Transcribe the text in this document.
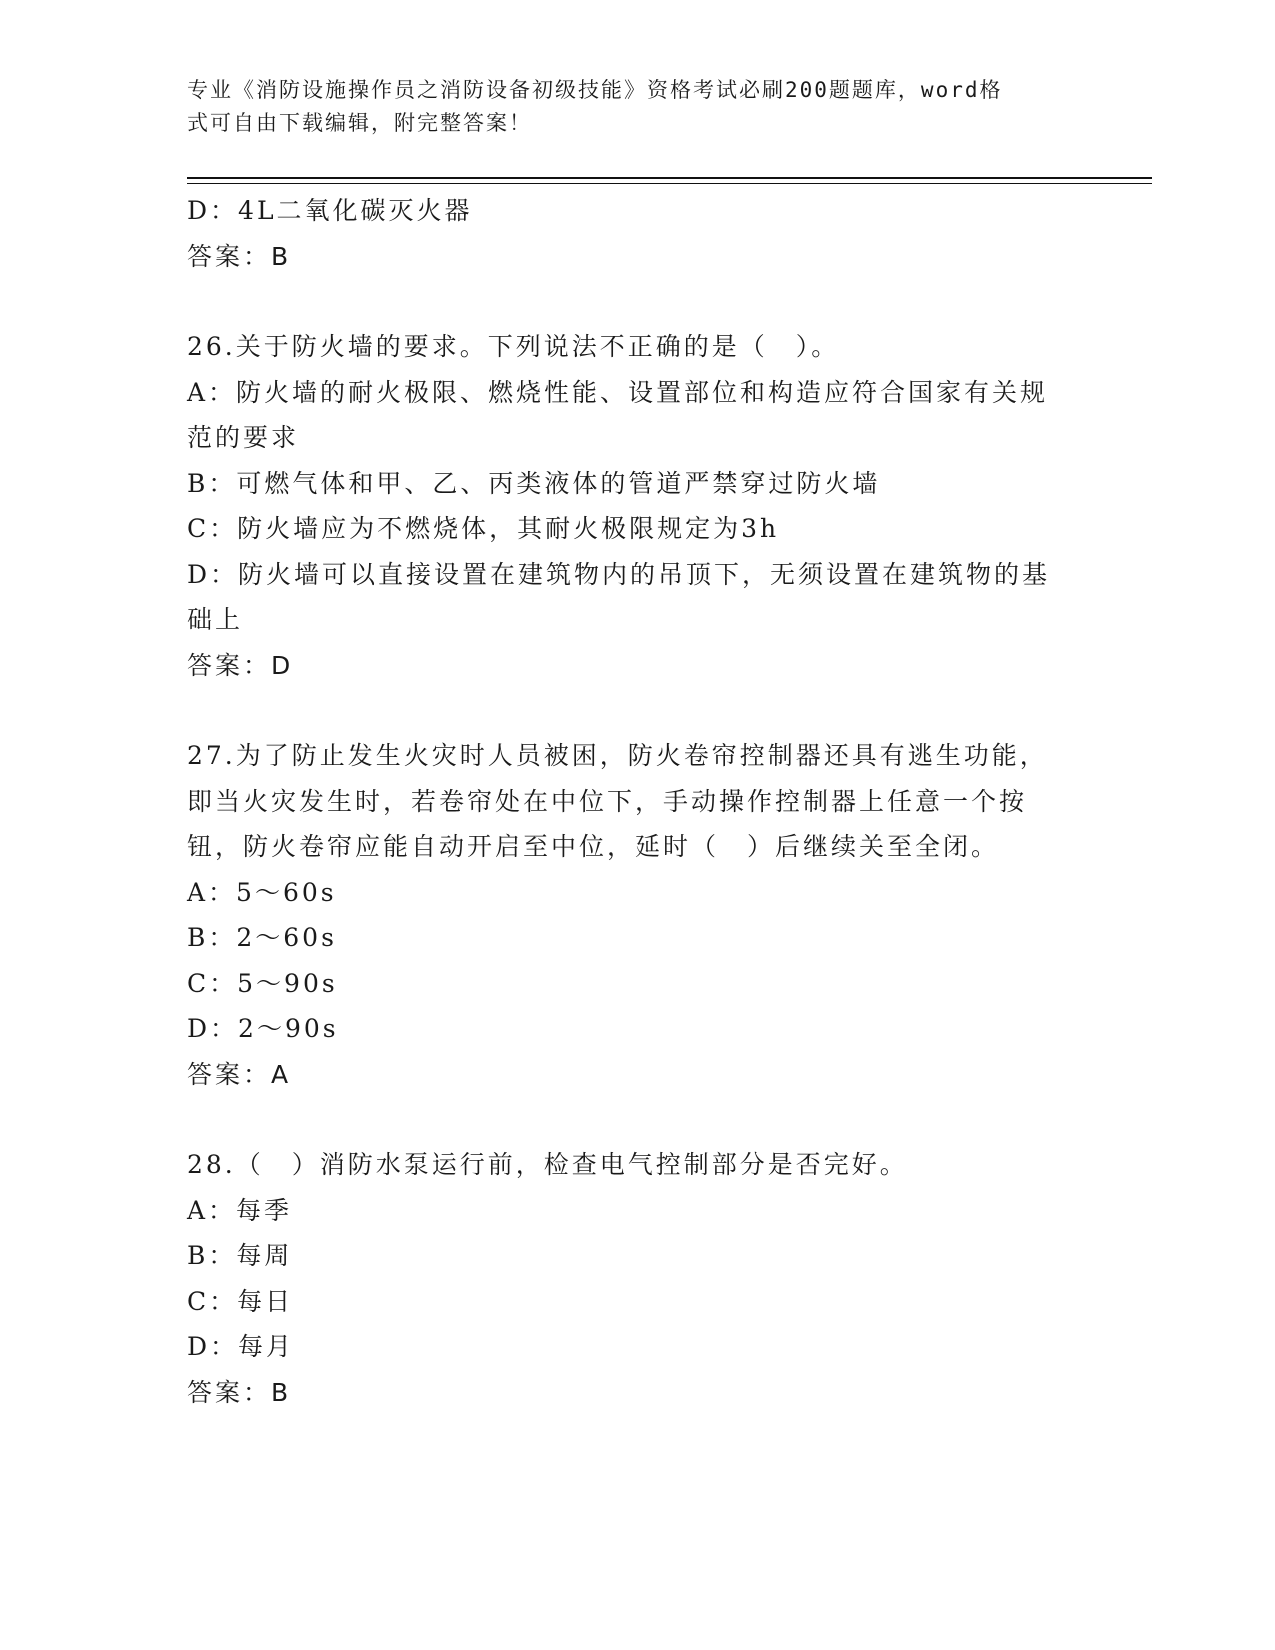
专业《消防设施操作员之消防设备初级技能》资格考试必刷200题题库，word格
式可自由下载编辑，附完整答案！
D：4L二氧化碳灭火器
答案：B
26.关于防火墙的要求。下列说法不正确的是（　）。
A：防火墙的耐火极限、燃烧性能、设置部位和构造应符合国家有关规
范的要求
B：可燃气体和甲、乙、丙类液体的管道严禁穿过防火墙
C：防火墙应为不燃烧体，其耐火极限规定为3h
D：防火墙可以直接设置在建筑物内的吊顶下，无须设置在建筑物的基
础上
答案：D
27.为了防止发生火灾时人员被困，防火卷帘控制器还具有逃生功能，
即当火灾发生时，若卷帘处在中位下，手动操作控制器上任意一个按
钮，防火卷帘应能自动开启至中位，延时（　）后继续关至全闭。
A：5～60s
B：2～60s
C：5～90s
D：2～90s
答案：A
28.（　）消防水泵运行前，检查电气控制部分是否完好。
A：每季
B：每周
C：每日
D：每月
答案：B
